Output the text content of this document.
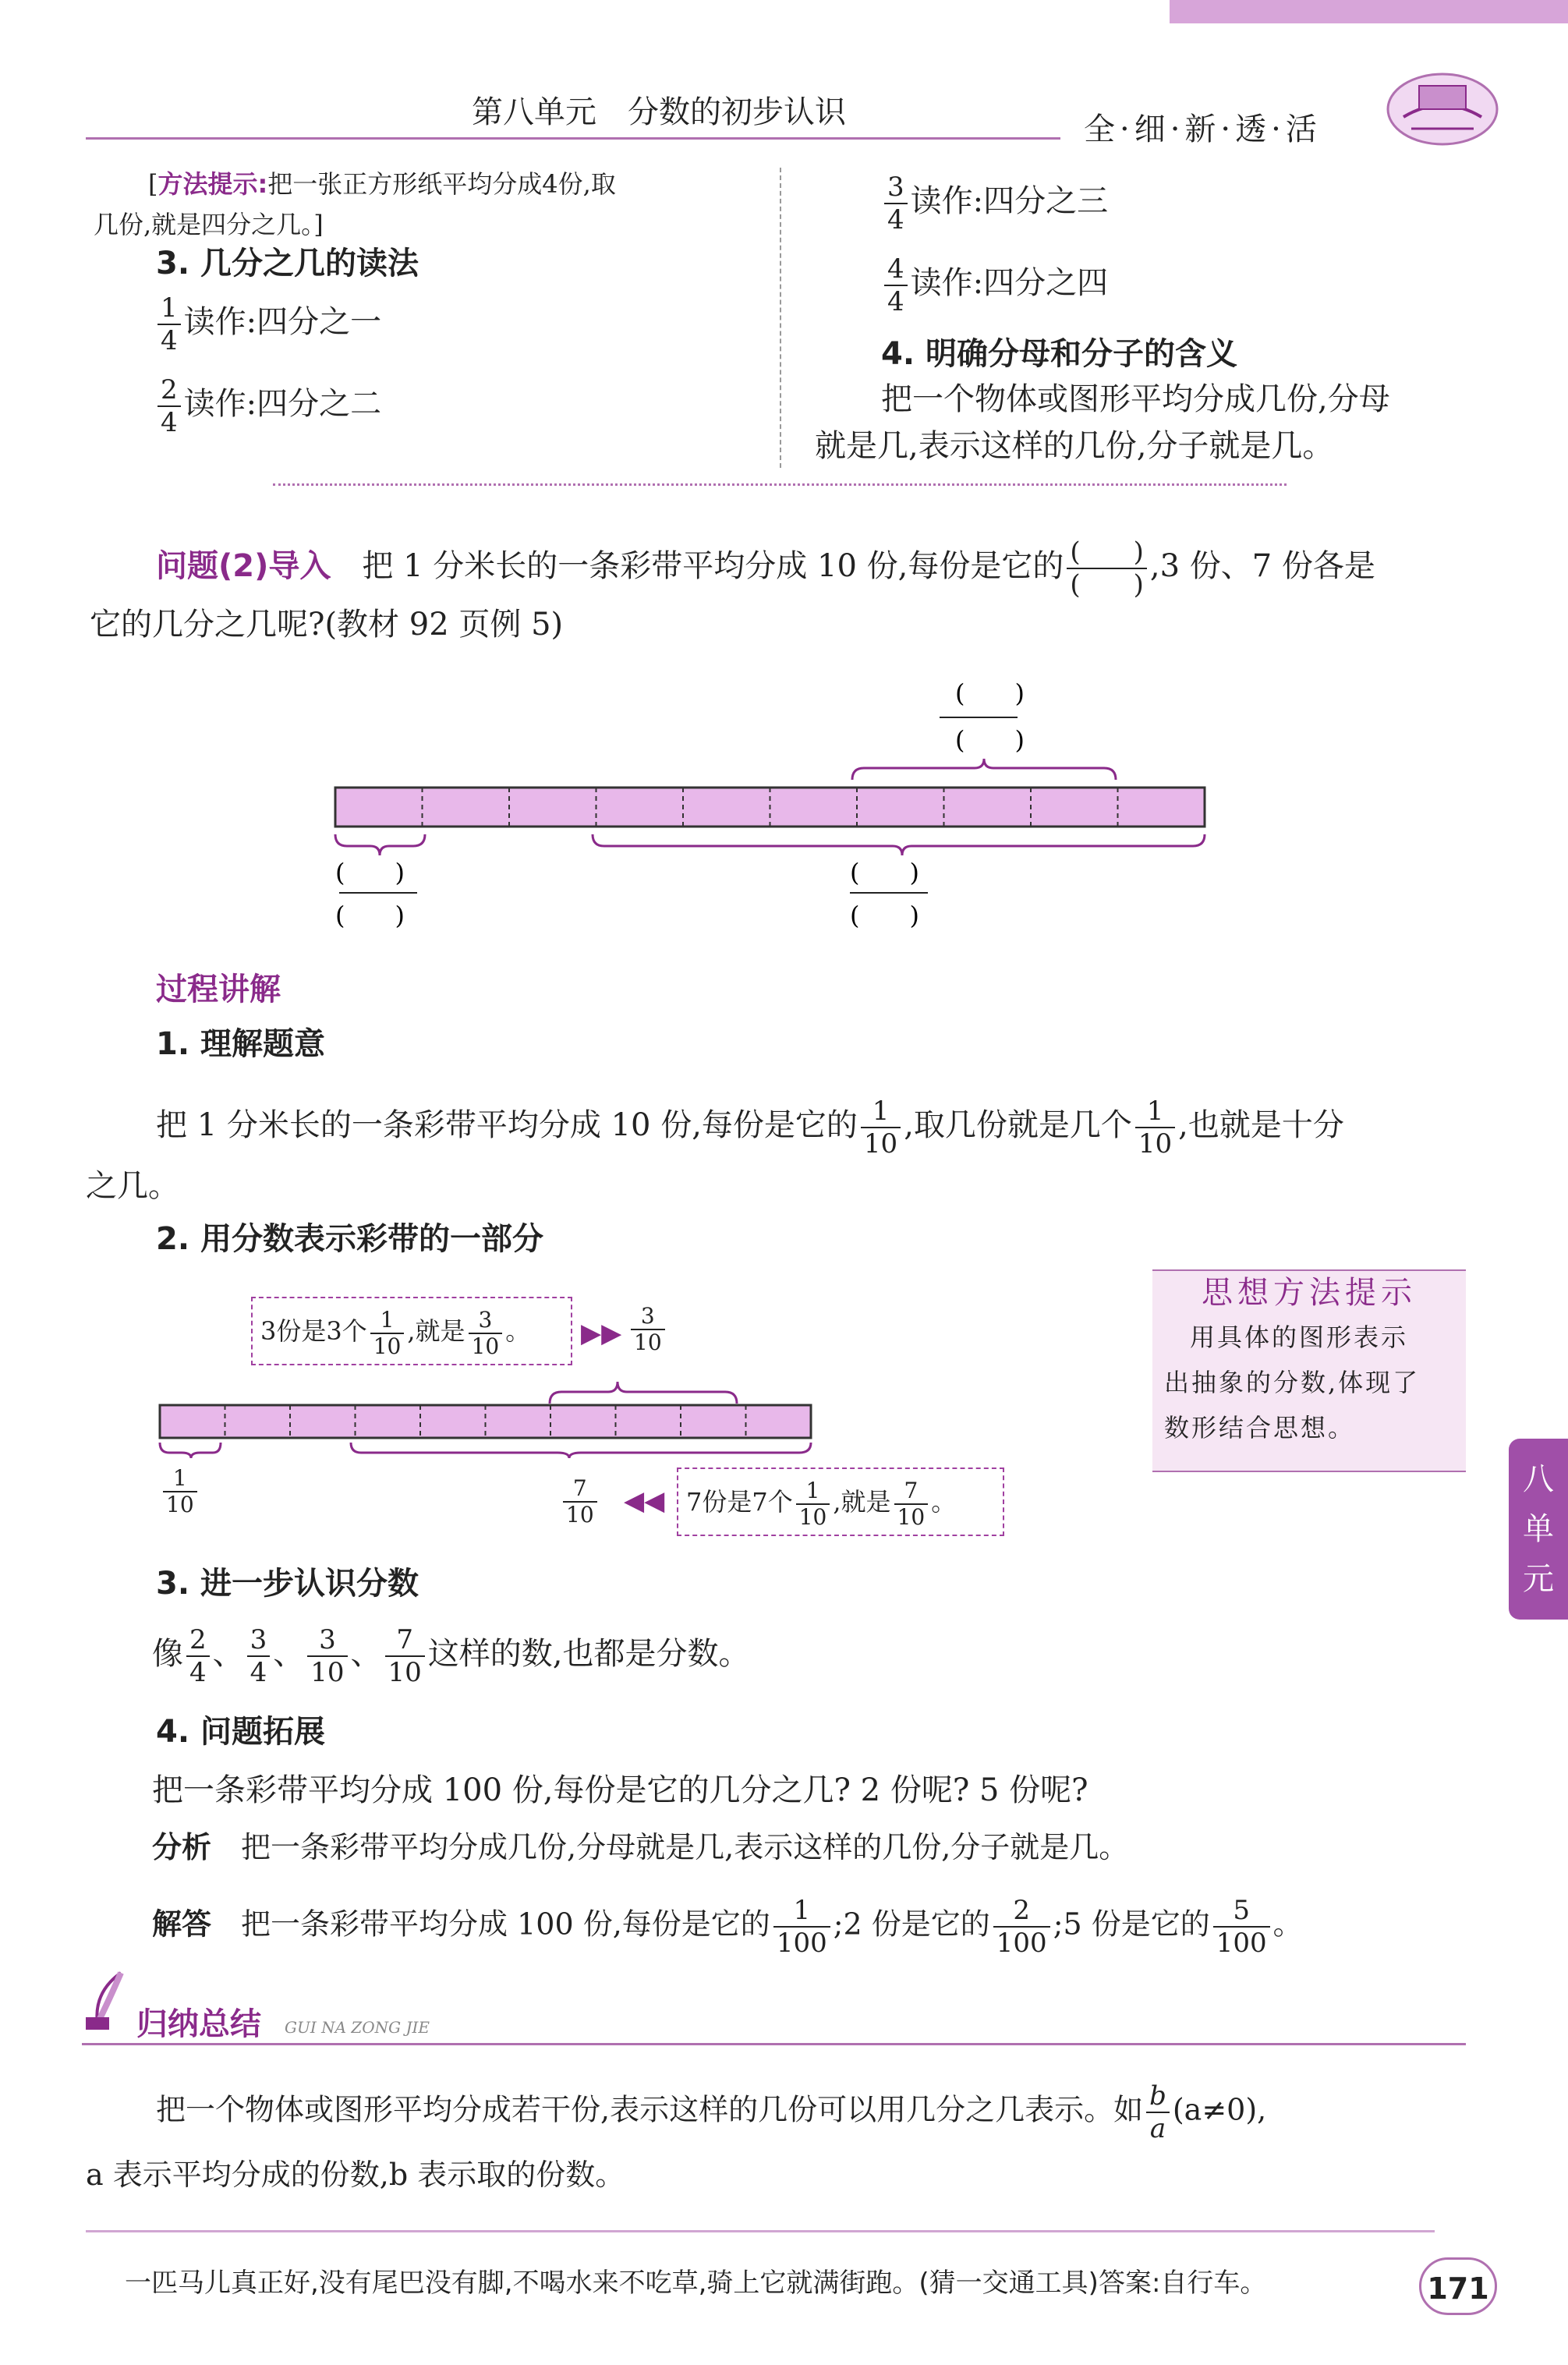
第八单元　分数的初步认识	全·细·新·透·活
[方法提示:把一张正方形纸平均分成4份,取
几份,就是四分之几。]
3. 几分之几的读法
$\frac{1}{4}$ 读作:四分之一
$\frac{2}{4}$ 读作:四分之二
$\frac{3}{4}$ 读作:四分之三
$\frac{4}{4}$ 读作:四分之四
4. 明确分母和分子的含义
把一个物体或图形平均分成几份,分母
就是几,表示这样的几份,分子就是几。
问题(2)导入　 把 1 分米长的一条彩带平均分成 10 份,每份是它的 $\frac{( )}{( )} ,3$ 份、7 份各是
它的几分之几呢?(教材 92 页例 5)
(　　)
(　　)
(　　)
(　　)
(　　)
(　　)
过程讲解
1. 理解题意
把 1 分米长的一条彩带平均分成 10 份,每份是它的 $\frac{1}{10}$ ,取几份就是几个 $\frac{1}{10}$ ,也就是十分
之几。
2. 用分数表示彩带的一部分
3份是3个 $\frac{1}{10}$ ,就是 $\frac{3}{10}$ 。	▶▶ $\frac{3}{10}$
$\frac{1}{10}$	$\frac{7}{10}$ ◀◀ 7份是7个 $\frac{1}{10}$ ,就是 $\frac{7}{10}$ 。
思想方法提示
用具体的图形表示
出抽象的分数,体现了
数形结合思想。
八
单
元
3. 进一步认识分数
像 $\frac{2}{4}$ 、 $\frac{3}{4}$ 、 $\frac{3}{10}$ 、 $\frac{7}{10}$ 这样的数,也都是分数。
4. 问题拓展
把一条彩带平均分成 100 份,每份是它的几分之几? 2 份呢? 5 份呢?
分析　 把一条彩带平均分成几份,分母就是几,表示这样的几份,分子就是几。
解答　 把一条彩带平均分成 100 份,每份是它的 $\frac{1}{100}$ ;2 份是它的 $\frac{2}{100}$ ;5 份是它的 $\frac{5}{100}$ 。
归纳总结 GUI NA ZONG JIE
把一个物体或图形平均分成若干份,表示这样的几份可以用几分之几表示。如 $\frac{b}{a} (a\ne 0)$,
a 表示平均分成的份数,b 表示取的份数。
一匹马儿真正好,没有尾巴没有脚,不喝水来不吃草,骑上它就满街跑。(猜一交通工具)答案:自行车。	171
